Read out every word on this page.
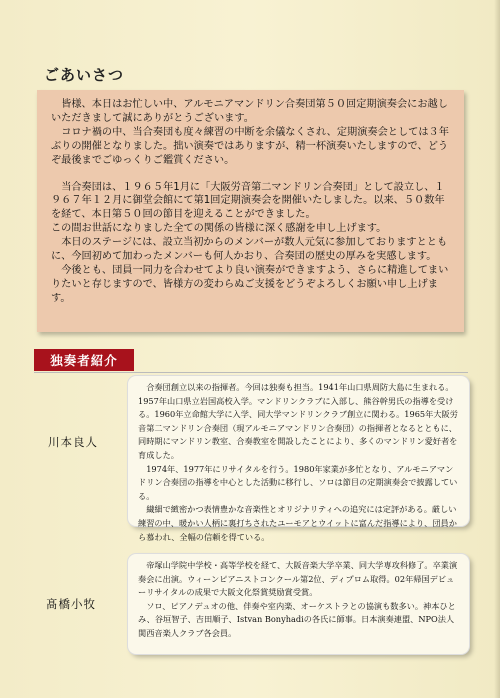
ごあいさつ

皆様、本日はお忙しい中、アルモニアマンドリン合奏団第５０回定期演奏会にお越しいただきまして誠にありがとうございます。

コロナ禍の中、当合奏団も度々練習の中断を余儀なくされ、定期演奏会としては３年ぶりの開催となりました。拙い演奏ではありますが、精一杯演奏いたしますので、どうぞ最後までごゆっくりご鑑賞ください。

当合奏団は、１９６５年1月に「大阪労音第二マンドリン合奏団」として設立し、１９６７年１２月に御堂会館にて第1回定期演奏会を開催いたしました。以来、５０数年を経て、本日第５０回の節目を迎えることができました。

この間お世話になりました全ての関係の皆様に深く感謝を申し上げます。

本日のステージには、設立当初からのメンバーが数人元気に参加しておりますとともに、今回初めて加わったメンバーも何人かおり、合奏団の歴史の厚みを実感します。

今後とも、団員一同力を合わせてより良い演奏ができますよう、さらに精進してまいりたいと存じますので、皆様方の変わらぬご支援をどうぞよろしくお願い申し上げます。

独奏者紹介
川本良人

合奏団創立以来の指揮者。今回は独奏も担当。1941年山口県周防大島に生まれる。1957年山口県立岩国高校入学。マンドリンクラブに入部し、熊谷幹男氏の指導を受ける。1960年立命館大学に入学、同大学マンドリンクラブ創立に関わる。1965年大阪労音第二マンドリン合奏団（現アルモニアマンドリン合奏団）の指揮者となるとともに、同時期にマンドリン教室、合奏教室を開設したことにより、多くのマンドリン愛好者を育成した。

1974年、1977年にリサイタルを行う。1980年家業が多忙となり、アルモニアマンドリン合奏団の指導を中心とした活動に移行し、ソロは節目の定期演奏会で披露している。

繊細で緻密かつ表情豊かな音楽性とオリジナリティへの追究には定評がある。厳しい練習の中、暖かい人柄に裏打ちされたユーモアとウイットに富んだ指導により、団員から慕われ、全幅の信頼を得ている。

髙橋小牧

帝塚山学院中学校・高等学校を経て、大阪音楽大学卒業、同大学専攻科修了。卒業演奏会に出演。ウィーンピアニストコンクール第2位、ディプロム取得。02年帰国デビューリサイタルの成果で大阪文化祭賞奨励賞受賞。

ソロ、ピアノデュオの他、伴奏や室内楽、オーケストラとの協演も数多い。神本ひとみ、谷垣智子、吉田順子、Istvan Bonyhadiの各氏に師事。日本演奏連盟、NPO法人関西音楽人クラブ各会員。
